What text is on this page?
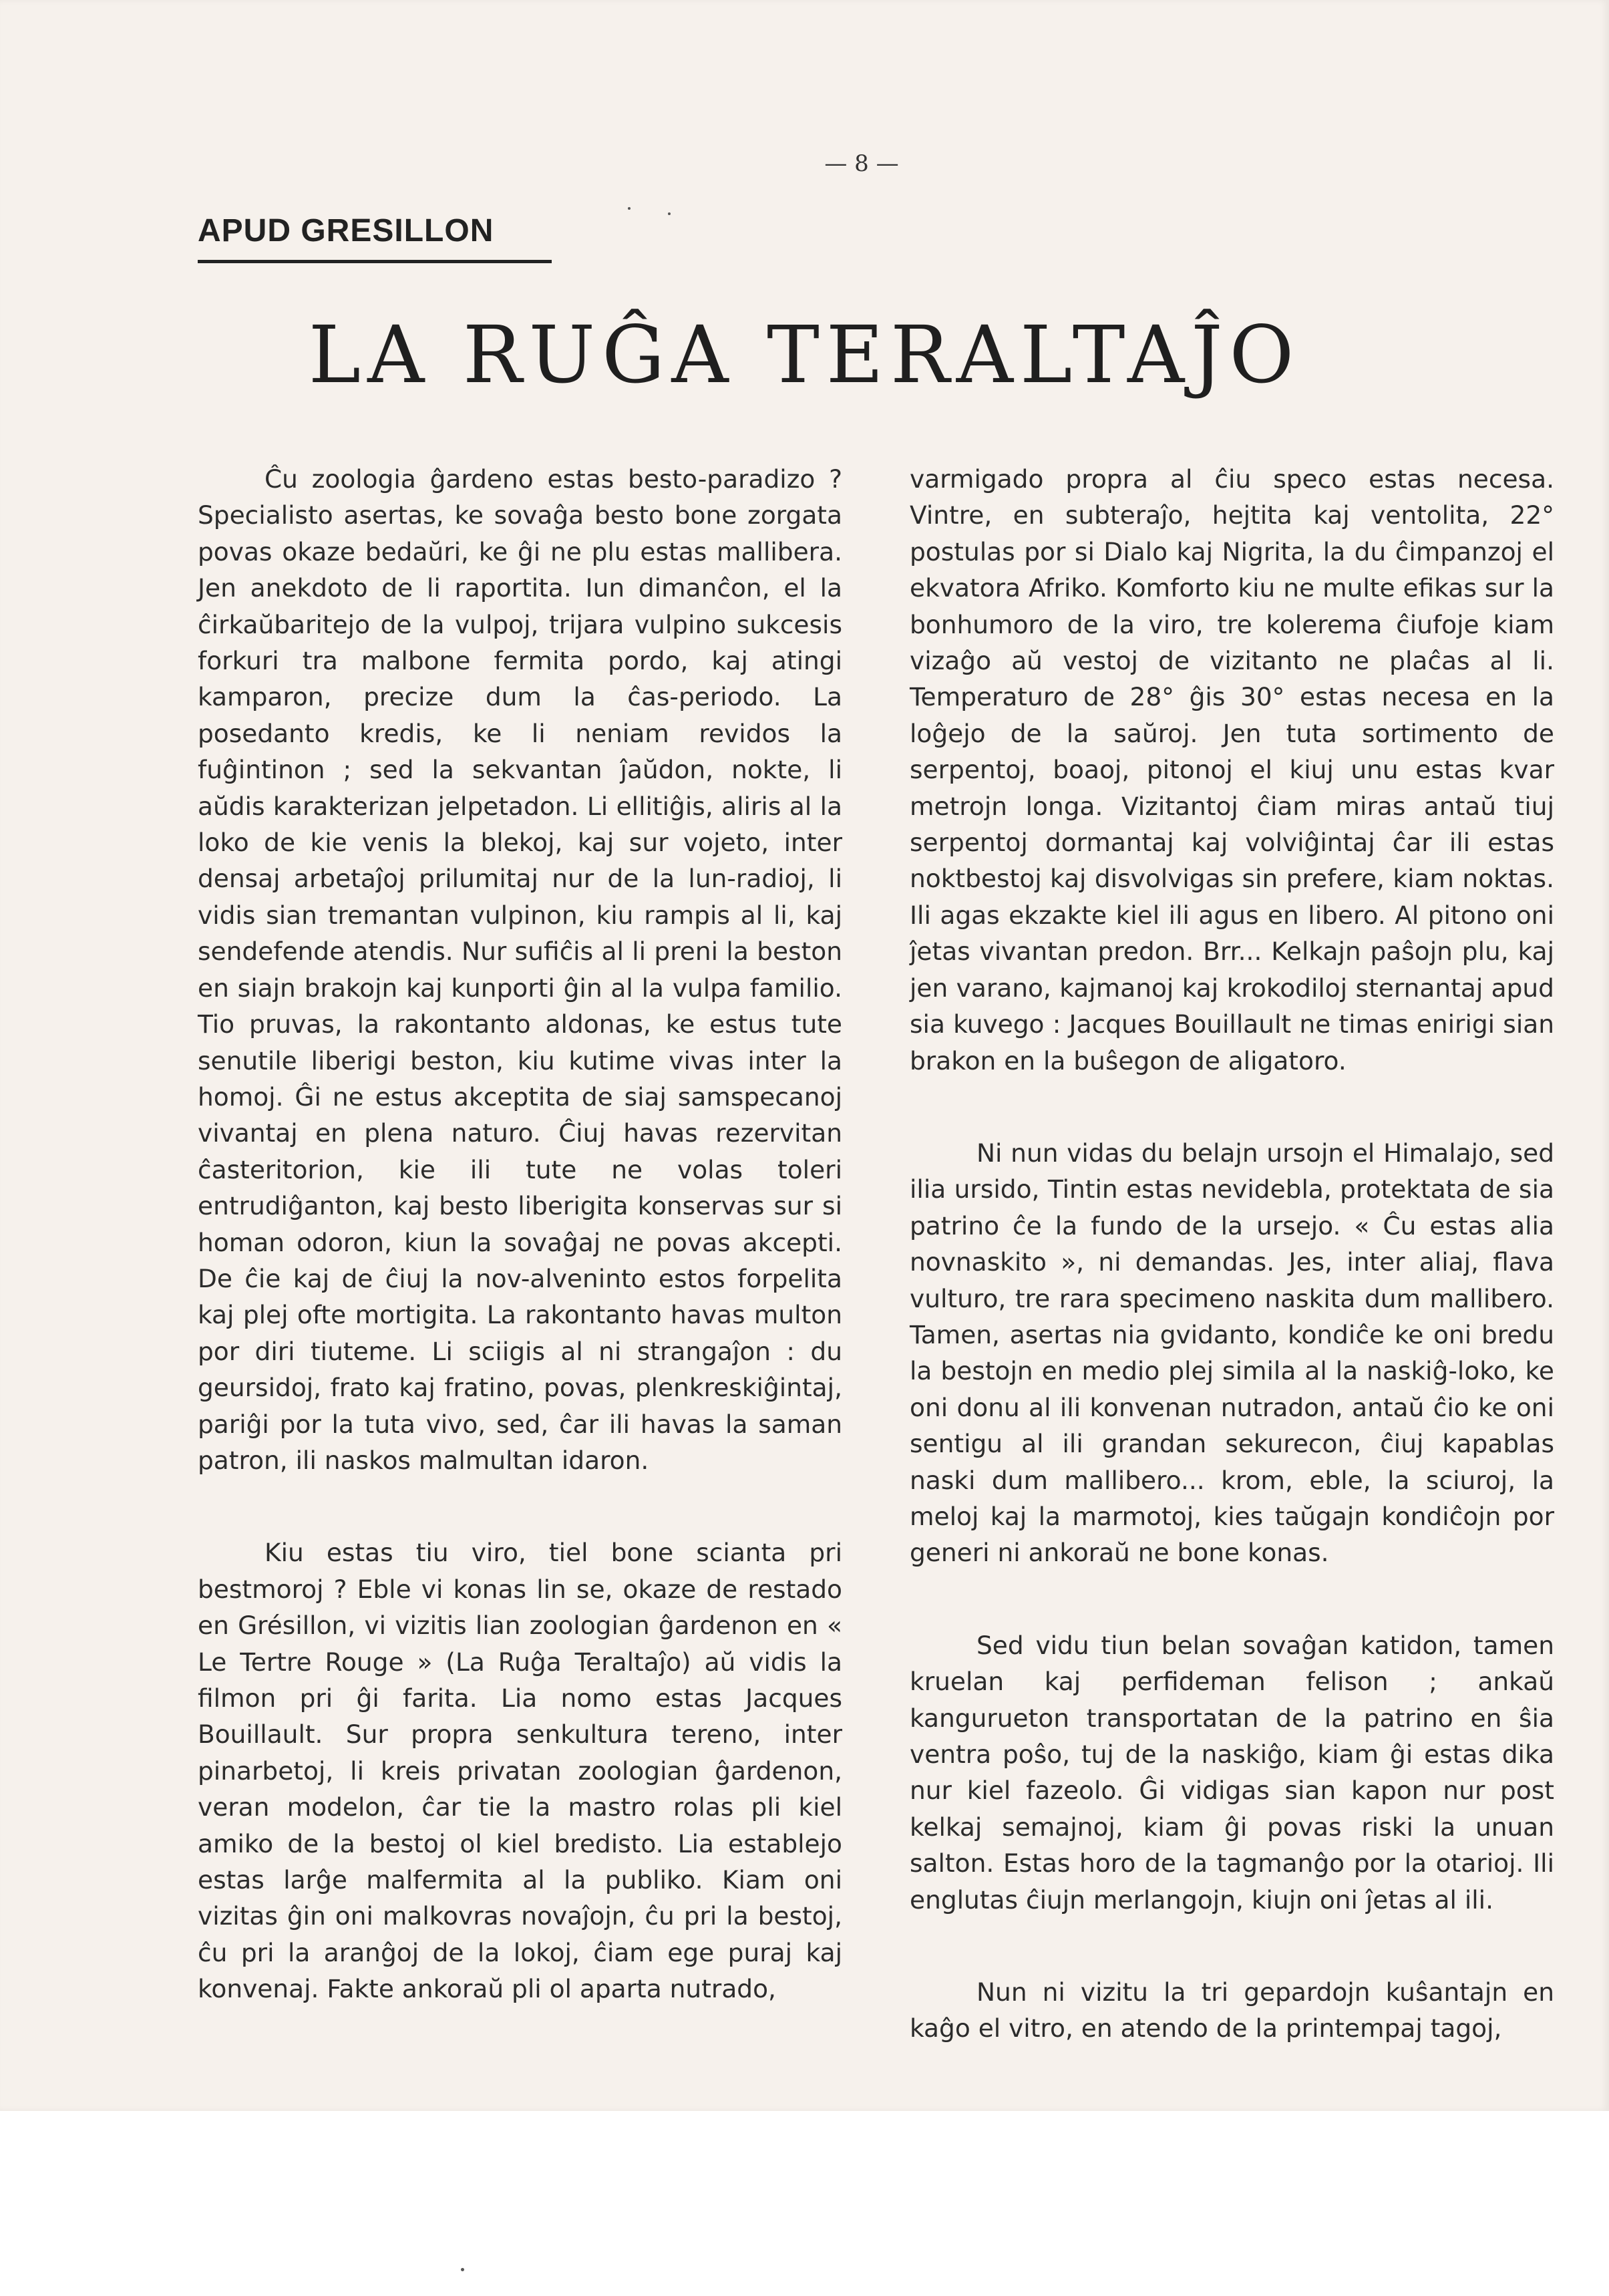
— 8 —
APUD GRESILLON
LA RUĜA TERALTAĴO

Ĉu zoologia ĝardeno estas besto-paradizo ? Specialisto asertas, ke sovaĝa besto bone zorgata povas okaze bedaŭri, ke ĝi ne plu estas mallibera. Jen anekdoto de li raportita. Iun dimanĉon, el la ĉirkaŭbaritejo de la vulpoj, trijara vulpino sukcesis forkuri tra malbone fermita pordo, kaj atingi kamparon, precize dum la ĉas-periodo. La posedanto kredis, ke li neniam revidos la fuĝintinon ; sed la sekvantan ĵaŭdon, nokte, li aŭdis karakterizan jelpetadon. Li ellitiĝis, aliris al la loko de kie venis la blekoj, kaj sur vojeto, inter densaj arbetaĵoj prilumitaj nur de la lun-radioj, li vidis sian tremantan vulpinon, kiu rampis al li, kaj sendefende atendis. Nur sufiĉis al li preni la beston en siajn brakojn kaj kunporti ĝin al la vulpa familio. Tio pruvas, la rakontanto aldonas, ke estus tute senutile liberigi beston, kiu kutime vivas inter la homoj. Ĝi ne estus akceptita de siaj samspecanoj vivantaj en plena naturo. Ĉiuj havas rezervitan ĉasteritorion, kie ili tute ne volas toleri entrudiĝanton, kaj besto liberigita konservas sur si homan odoron, kiun la sovaĝaj ne povas akcepti. De ĉie kaj de ĉiuj la nov-alveninto estos forpelita kaj plej ofte mortigita. La rakontanto havas multon por diri tiuteme. Li sciigis al ni strangaĵon : du geursidoj, frato kaj fratino, povas, plenkreskiĝintaj, pariĝi por la tuta vivo, sed, ĉar ili havas la saman patron, ili naskos malmultan idaron.

Kiu estas tiu viro, tiel bone scianta pri bestmoroj ? Eble vi konas lin se, okaze de restado en Grésillon, vi vizitis lian zoologian ĝardenon en « Le Tertre Rouge » (La Ruĝa Teraltaĵo) aŭ vidis la filmon pri ĝi farita. Lia nomo estas Jacques Bouillault. Sur propra senkultura tereno, inter pinarbetoj, li kreis privatan zoologian ĝardenon, veran modelon, ĉar tie la mastro rolas pli kiel amiko de la bestoj ol kiel bredisto. Lia establejo estas larĝe malfermita al la publiko. Kiam oni vizitas ĝin oni malkovras novaĵojn, ĉu pri la bestoj, ĉu pri la aranĝoj de la lokoj, ĉiam ege puraj kaj konvenaj. Fakte ankoraŭ pli ol aparta nutrado,

varmigado propra al ĉiu speco estas necesa. Vintre, en subteraĵo, hejtita kaj ventolita, 22° postulas por si Dialo kaj Nigrita, la du ĉimpanzoj el ekvatora Afriko. Komforto kiu ne multe efikas sur la bonhumoro de la viro, tre kolerema ĉiufoje kiam vizaĝo aŭ vestoj de vizitanto ne plaĉas al li. Temperaturo de 28° ĝis 30° estas necesa en la loĝejo de la saŭroj. Jen tuta sortimento de serpentoj, boaoj, pitonoj el kiuj unu estas kvar metrojn longa. Vizitantoj ĉiam miras antaŭ tiuj serpentoj dormantaj kaj volviĝintaj ĉar ili estas noktbestoj kaj disvolvigas sin prefere, kiam noktas. Ili agas ekzakte kiel ili agus en libero. Al pitono oni ĵetas vivantan predon. Brr... Kelkajn paŝojn plu, kaj jen varano, kajmanoj kaj krokodiloj sternantaj apud sia kuvego : Jacques Bouillault ne timas enirigi sian brakon en la buŝegon de aligatoro.

Ni nun vidas du belajn ursojn el Himalajo, sed ilia ursido, Tintin estas nevidebla, protektata de sia patrino ĉe la fundo de la ursejo. « Ĉu estas alia novnaskito », ni demandas. Jes, inter aliaj, flava vulturo, tre rara specimeno naskita dum mallibero. Tamen, asertas nia gvidanto, kondiĉe ke oni bredu la bestojn en medio plej simila al la naskiĝ-loko, ke oni donu al ili konvenan nutradon, antaŭ ĉio ke oni sentigu al ili grandan sekurecon, ĉiuj kapablas naski dum mallibero... krom, eble, la sciuroj, la meloj kaj la marmotoj, kies taŭgajn kondiĉojn por generi ni ankoraŭ ne bone konas.

Sed vidu tiun belan sovaĝan katidon, tamen kruelan kaj perfideman felison ; ankaŭ kangurueton transportatan de la patrino en ŝia ventra poŝo, tuj de la naskiĝo, kiam ĝi estas dika nur kiel fazeolo. Ĝi vidigas sian kapon nur post kelkaj semajnoj, kiam ĝi povas riski la unuan salton. Estas horo de la tagmanĝo por la otarioj. Ili englutas ĉiujn merlangojn, kiujn oni ĵetas al ili.

Nun ni vizitu la tri gepardojn kuŝantajn en kaĝo el vitro, en atendo de la printempaj tagoj,
